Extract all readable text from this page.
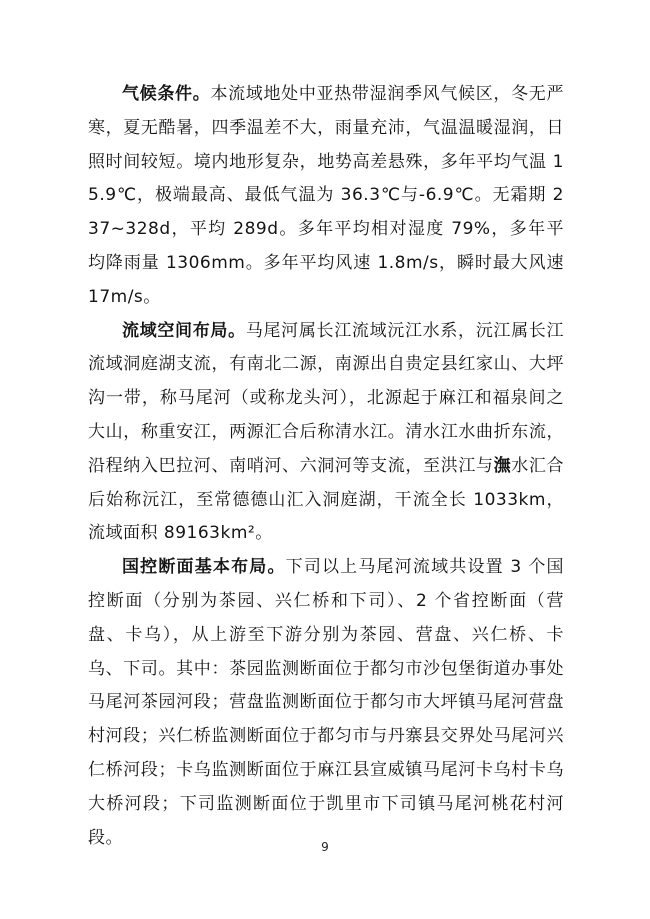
气候条件。本流域地处中亚热带湿润季风气候区，冬无严寒，夏无酷暑，四季温差不大，雨量充沛，气温温暖湿润，日照时间较短。境内地形复杂，地势高差悬殊，多年平均气温 15.9℃，极端最高、最低气温为 36.3℃与-6.9℃。无霜期 237~328d，平均 289d。多年平均相对湿度 79%，多年平均降雨量 1306mm。多年平均风速 1.8m/s，瞬时最大风速 17m/s。

流域空间布局。马尾河属长江流域沅江水系，沅江属长江流域洞庭湖支流，有南北二源，南源出自贵定县红家山、大坪沟一带，称马尾河（或称龙头河），北源起于麻江和福泉间之大山，称重安江，两源汇合后称清水江。清水江水曲折东流，沿程纳入巴拉河、南哨河、六洞河等支流，至洪江与潕水汇合后始称沅江，至常德德山汇入洞庭湖，干流全长 1033km，流域面积 89163km²。

国控断面基本布局。下司以上马尾河流域共设置 3 个国控断面（分别为茶园、兴仁桥和下司）、2 个省控断面（营盘、卡乌），从上游至下游分别为茶园、营盘、兴仁桥、卡乌、下司。其中：茶园监测断面位于都匀市沙包堡街道办事处马尾河茶园河段；营盘监测断面位于都匀市大坪镇马尾河营盘村河段；兴仁桥监测断面位于都匀市与丹寨县交界处马尾河兴仁桥河段；卡乌监测断面位于麻江县宣威镇马尾河卡乌村卡乌大桥河段；下司监测断面位于凯里市下司镇马尾河桃花村河段。	9
